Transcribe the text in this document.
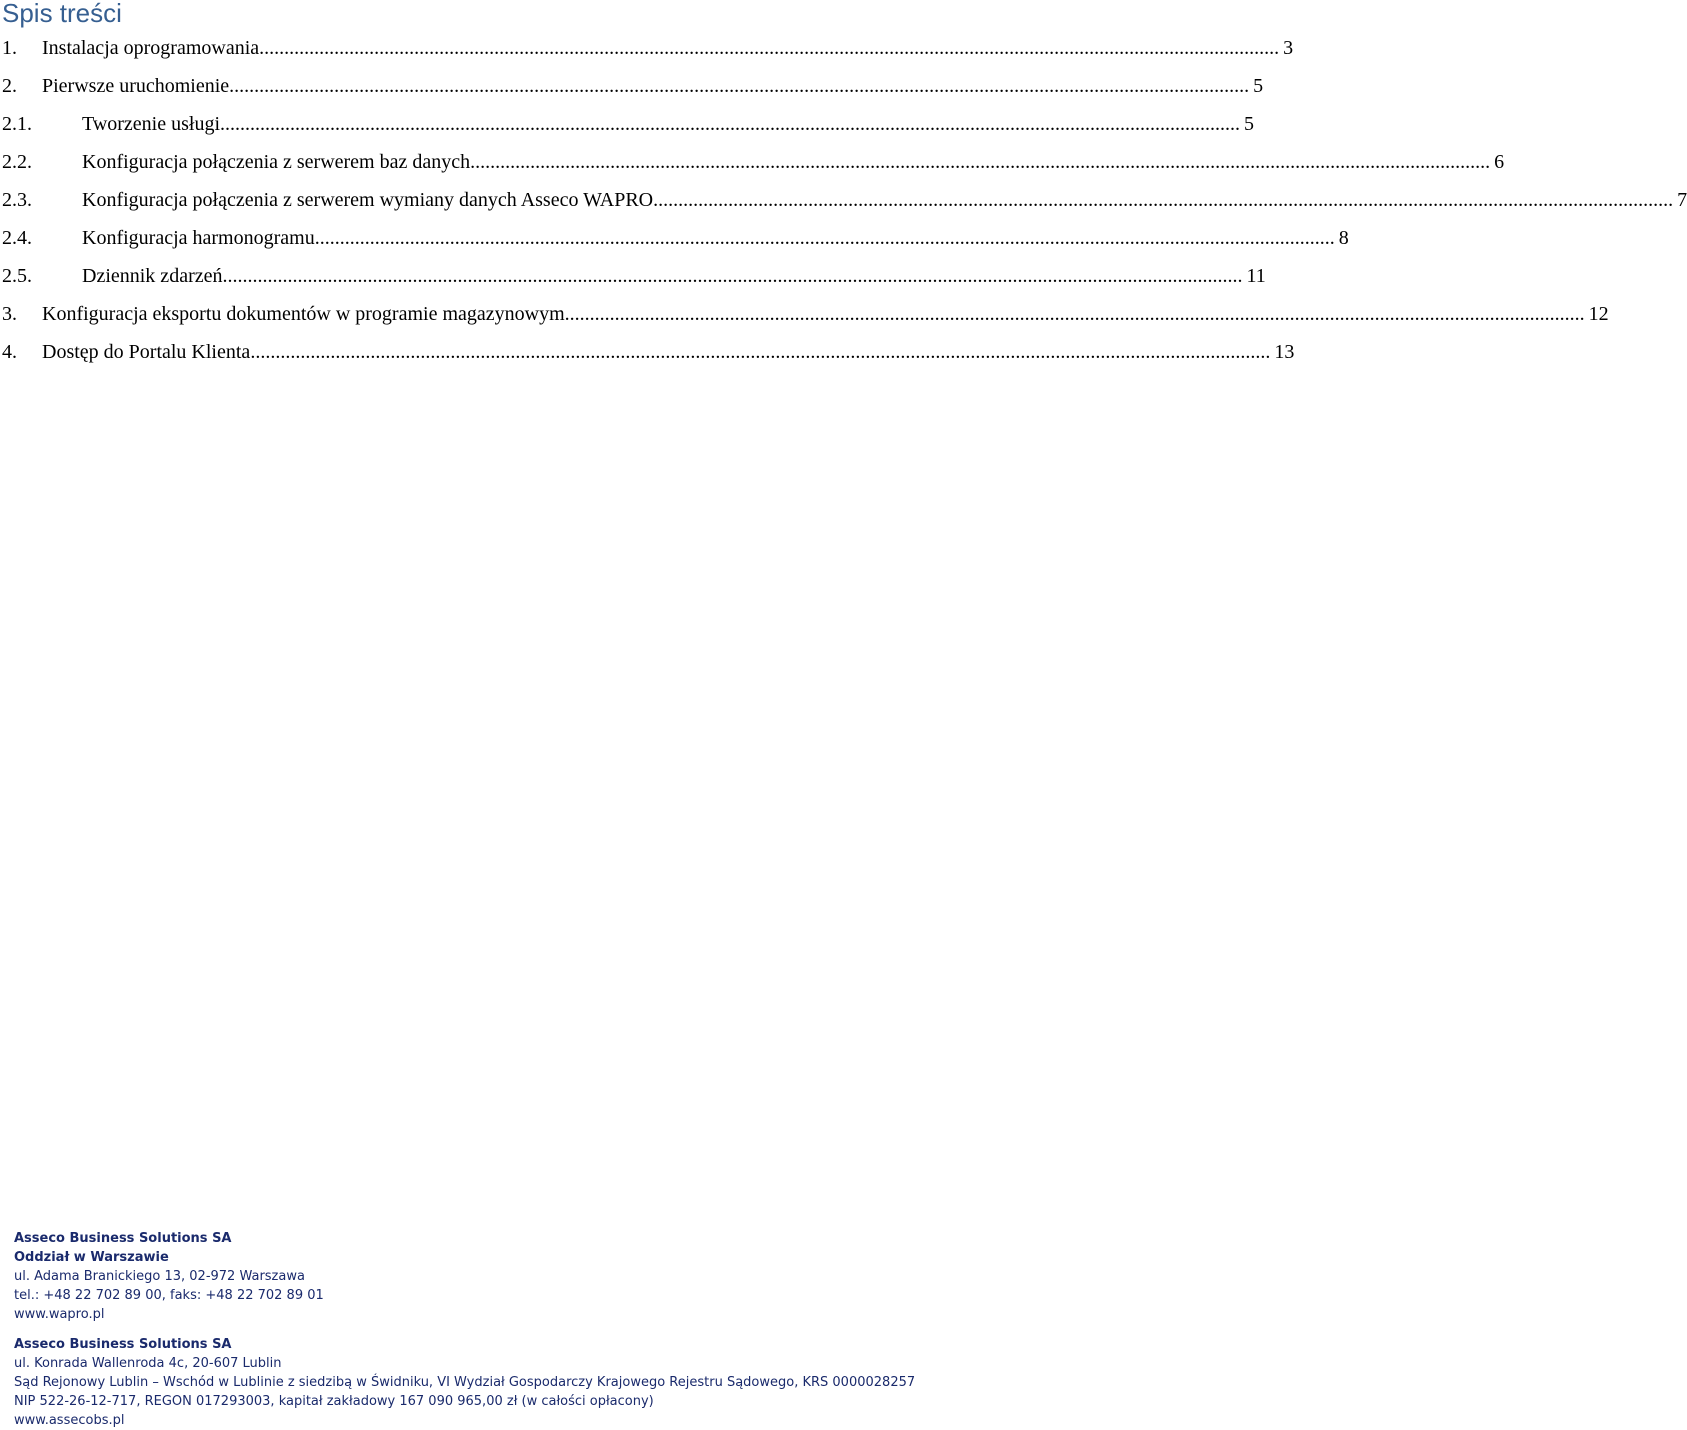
Spis treści
1. Instalacja oprogramowania ............................................................................................................................................................................................................ 3
2. Pierwsze uruchomienie ............................................................................................................................................................................................................ 5
2.1.	Tworzenie usługi ............................................................................................................................................................................................................ 5
2.2.	Konfiguracja połączenia z serwerem baz danych ............................................................................................................................................................................................................ 6
2.3.	Konfiguracja połączenia z serwerem wymiany danych Asseco WAPRO ............................................................................................................................................................................................................ 7
2.4.	Konfiguracja harmonogramu ............................................................................................................................................................................................................ 8
2.5.	Dziennik zdarzeń ............................................................................................................................................................................................................ 11
3. Konfiguracja eksportu dokumentów w programie magazynowym ............................................................................................................................................................................................................ 12
4. Dostęp do Portalu Klienta ............................................................................................................................................................................................................ 13
Asseco Business Solutions SA
Oddział w Warszawie
ul. Adama Branickiego 13, 02-972 Warszawa
tel.: +48 22 702 89 00, faks: +48 22 702 89 01
www.wapro.pl
Asseco Business Solutions SA
ul. Konrada Wallenroda 4c, 20-607 Lublin
Sąd Rejonowy Lublin – Wschód w Lublinie z siedzibą w Świdniku, VI Wydział Gospodarczy Krajowego Rejestru Sądowego, KRS 0000028257
NIP 522-26-12-717, REGON 017293003, kapitał zakładowy 167 090 965,00 zł (w całości opłacony)
www.assecobs.pl
